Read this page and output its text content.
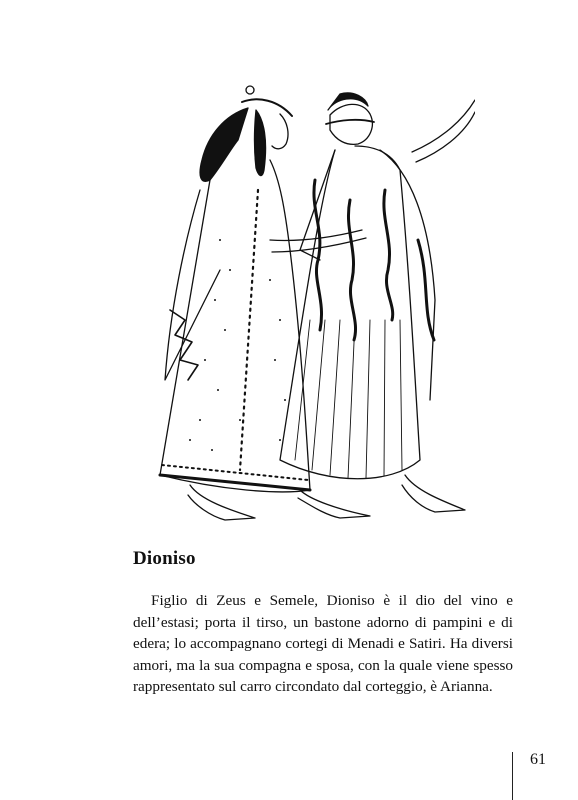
Dioniso

Figlio di Zeus e Semele, Dioniso è il dio del vino e dell’estasi; porta il tirso, un bastone adorno di pampini e di edera; lo accompagnano cortegi di Menadi e Satiri. Ha diversi amori, ma la sua compagna e sposa, con la quale viene spesso rappresentato sul carro circondato dal corteggio, è Arianna.

61
